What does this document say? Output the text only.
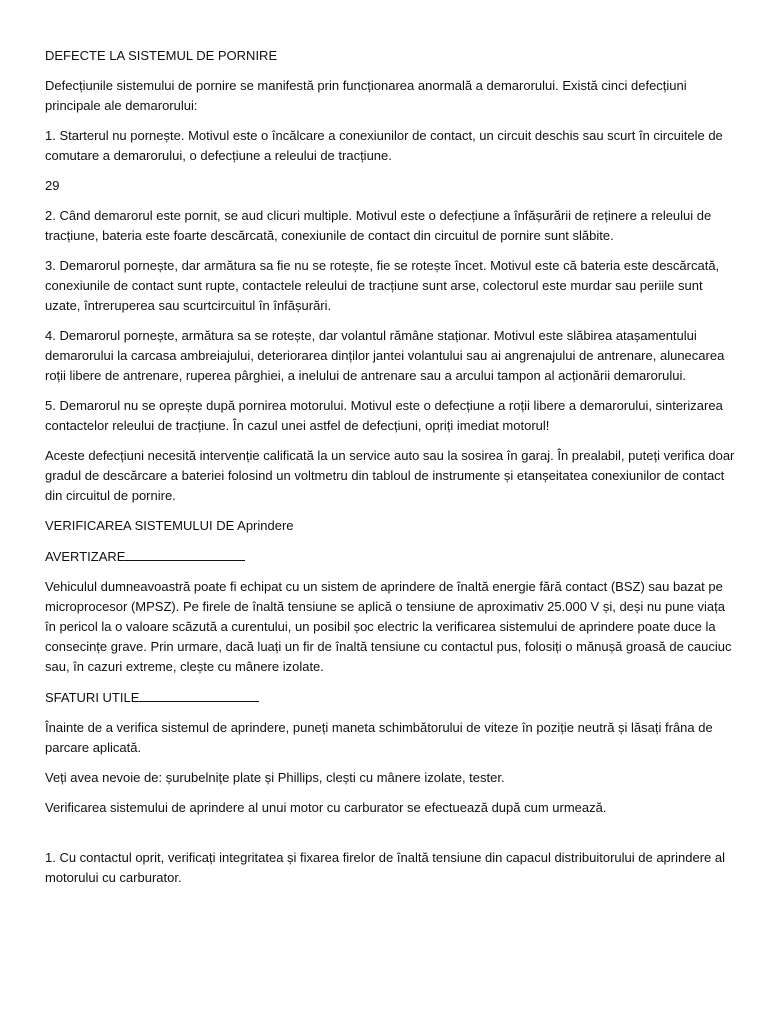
DEFECTE LA SISTEMUL DE PORNIRE

Defecțiunile sistemului de pornire se manifestă prin funcționarea anormală a demarorului. Există cinci defecțiuni principale ale demarorului:

1. Starterul nu pornește. Motivul este o încălcare a conexiunilor de contact, un circuit deschis sau scurt în circuitele de comutare a demarorului, o defecțiune a releului de tracțiune.

29

2. Când demarorul este pornit, se aud clicuri multiple. Motivul este o defecțiune a înfășurării de reținere a releului de tracțiune, bateria este foarte descărcată, conexiunile de contact din circuitul de pornire sunt slăbite.

3. Demarorul pornește, dar armătura sa fie nu se rotește, fie se rotește încet. Motivul este că bateria este descărcată, conexiunile de contact sunt rupte, contactele releului de tracțiune sunt arse, colectorul este murdar sau periile sunt uzate, întreruperea sau scurtcircuitul în înfășurări.

4. Demarorul pornește, armătura sa se rotește, dar volantul rămâne staționar. Motivul este slăbirea atașamentului demarorului la carcasa ambreiajului, deteriorarea dinților jantei volantului sau ai angrenajului de antrenare, alunecarea roții libere de antrenare, ruperea pârghiei, a inelului de antrenare sau a arcului tampon al acționării demarorului.

5. Demarorul nu se oprește după pornirea motorului. Motivul este o defecțiune a roții libere a demarorului, sinterizarea contactelor releului de tracțiune. În cazul unei astfel de defecțiuni, opriți imediat motorul!

Aceste defecțiuni necesită intervenție calificată la un service auto sau la sosirea în garaj. În prealabil, puteți verifica doar gradul de descărcare a bateriei folosind un voltmetru din tabloul de instrumente și etanșeitatea conexiunilor de contact din circuitul de pornire.

VERIFICAREA SISTEMULUI DE Aprindere

AVERTIZARE

Vehiculul dumneavoastră poate fi echipat cu un sistem de aprindere de înaltă energie fără contact (BSZ) sau bazat pe microprocesor (MPSZ). Pe firele de înaltă tensiune se aplică o tensiune de aproximativ 25.000 V și, deși nu pune viața în pericol la o valoare scăzută a curentului, un posibil șoc electric la verificarea sistemului de aprindere poate duce la consecințe grave. Prin urmare, dacă luați un fir de înaltă tensiune cu contactul pus, folosiți o mănușă groasă de cauciuc sau, în cazuri extreme, clește cu mânere izolate.

SFATURI UTILE

Înainte de a verifica sistemul de aprindere, puneți maneta schimbătorului de viteze în poziție neutră și lăsați frâna de parcare aplicată.

Veți avea nevoie de: șurubelnițe plate și Phillips, clești cu mânere izolate, tester.

Verificarea sistemului de aprindere al unui motor cu carburator se efectuează după cum urmează.

1. Cu contactul oprit, verificați integritatea și fixarea firelor de înaltă tensiune din capacul distribuitorului de aprindere al motorului cu carburator.
